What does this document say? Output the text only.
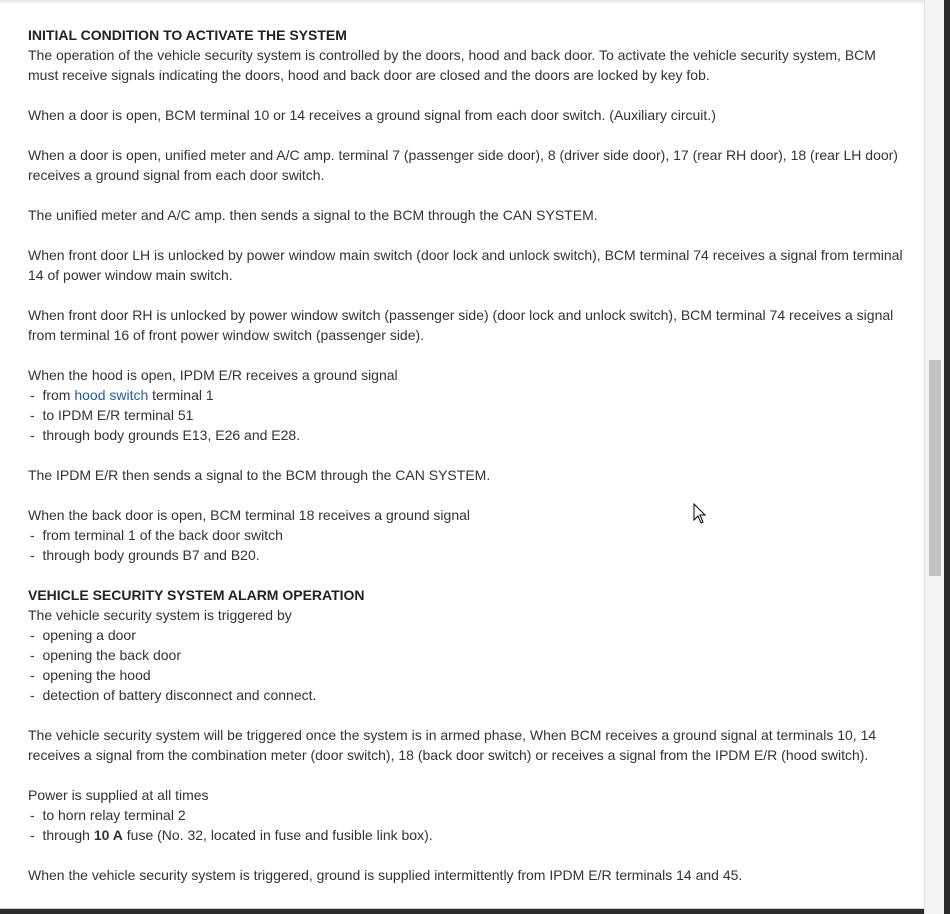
INITIAL CONDITION TO ACTIVATE THE SYSTEM

The operation of the vehicle security system is controlled by the doors, hood and back door. To activate the vehicle security system, BCM must receive signals indicating the doors, hood and back door are closed and the doors are locked by key fob.

When a door is open, BCM terminal 10 or 14 receives a ground signal from each door switch. (Auxiliary circuit.)

When a door is open, unified meter and A/C amp. terminal 7 (passenger side door), 8 (driver side door), 17 (rear RH door), 18 (rear LH door) receives a ground signal from each door switch.

The unified meter and A/C amp. then sends a signal to the BCM through the CAN SYSTEM.

When front door LH is unlocked by power window main switch (door lock and unlock switch), BCM terminal 74 receives a signal from terminal 14 of power window main switch.

When front door RH is unlocked by power window switch (passenger side) (door lock and unlock switch), BCM terminal 74 receives a signal from terminal 16 of front power window switch (passenger side).

When the hood is open, IPDM E/R receives a ground signal

- from hood switch terminal 1

- to IPDM E/R terminal 51

- through body grounds E13, E26 and E28.

The IPDM E/R then sends a signal to the BCM through the CAN SYSTEM.

When the back door is open, BCM terminal 18 receives a ground signal

- from terminal 1 of the back door switch

- through body grounds B7 and B20.

VEHICLE SECURITY SYSTEM ALARM OPERATION

The vehicle security system is triggered by

- opening a door

- opening the back door

- opening the hood

- detection of battery disconnect and connect.

The vehicle security system will be triggered once the system is in armed phase, When BCM receives a ground signal at terminals 10, 14 receives a signal from the combination meter (door switch), 18 (back door switch) or receives a signal from the IPDM E/R (hood switch).

Power is supplied at all times

- to horn relay terminal 2

- through 10 A fuse (No. 32, located in fuse and fusible link box).

When the vehicle security system is triggered, ground is supplied intermittently from IPDM E/R terminals 14 and 45.
